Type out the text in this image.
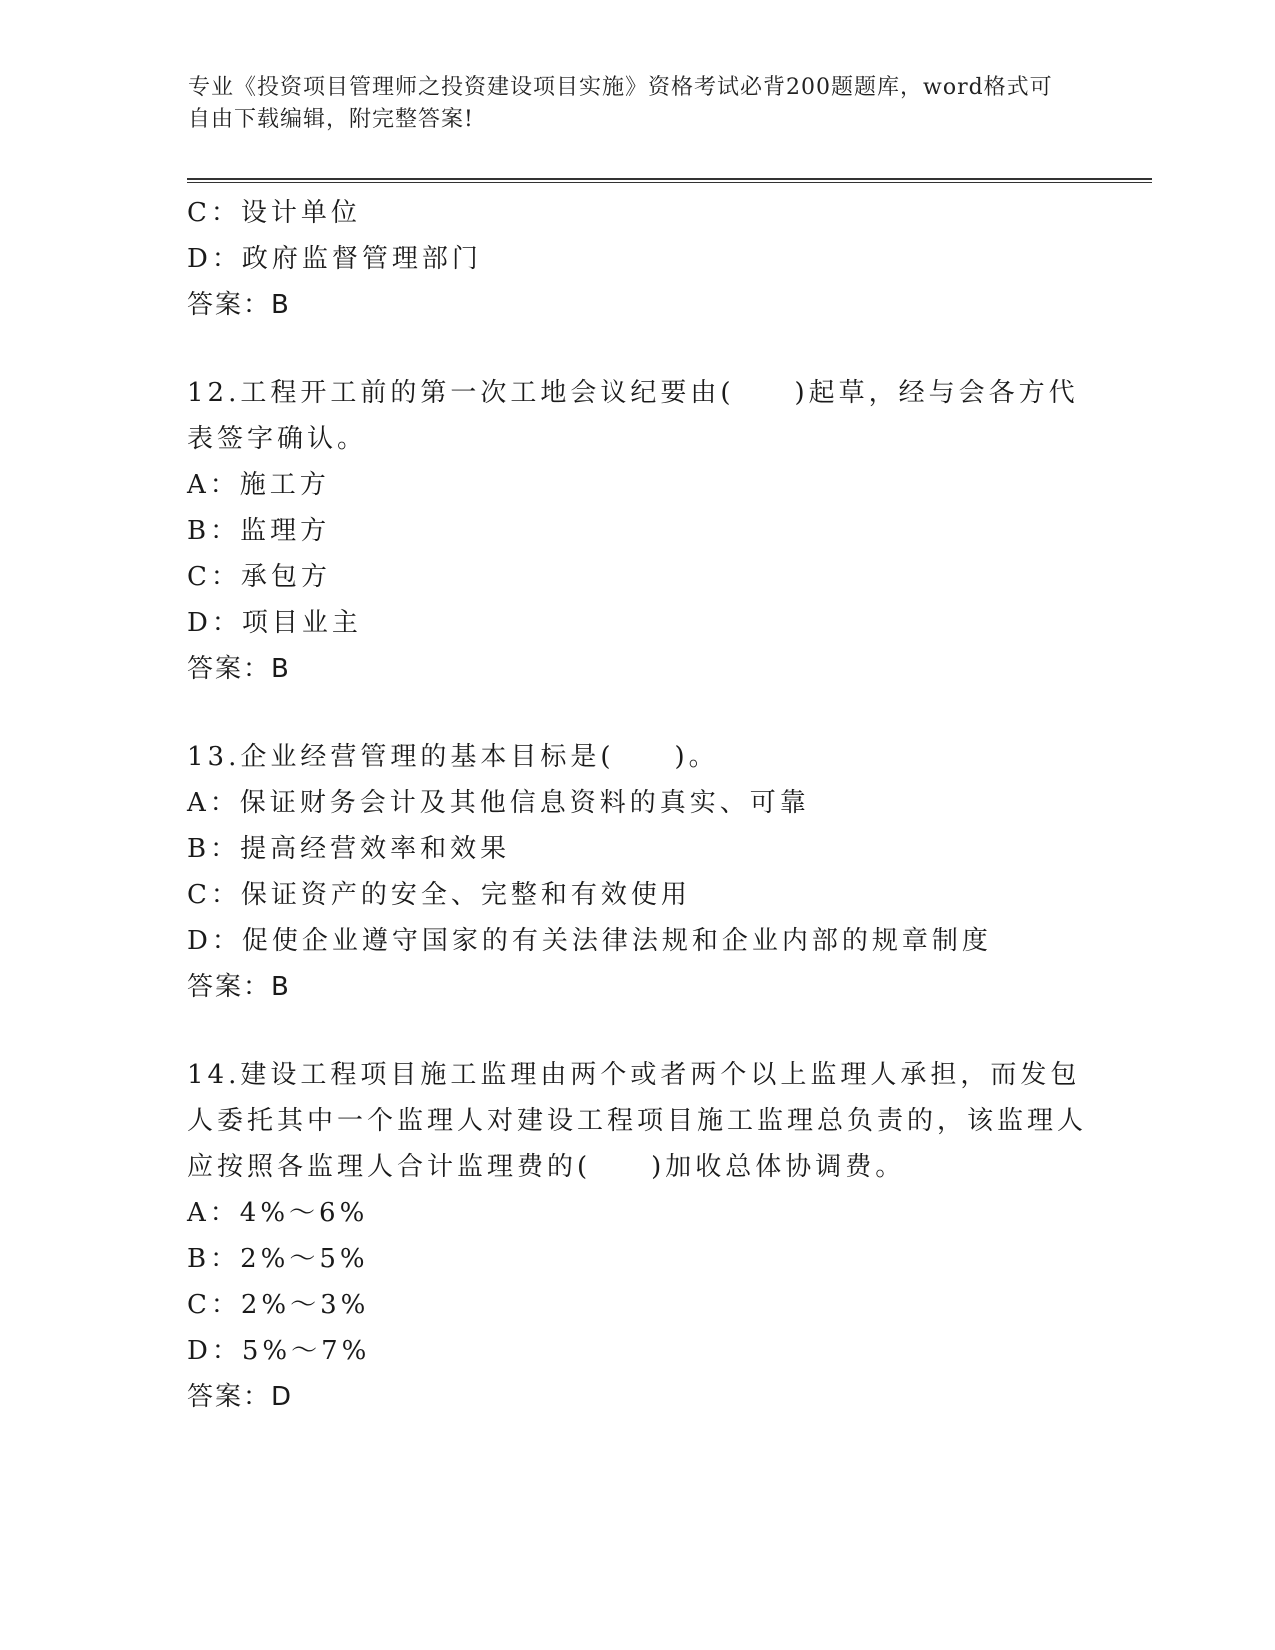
专业《投资项目管理师之投资建设项目实施》资格考试必背200题题库，word格式可自由下载编辑，附完整答案!
C：设计单位
D：政府监督管理部门
答案：B
12.工程开工前的第一次工地会议纪要由(　　)起草，经与会各方代表签字确认。
A：施工方
B：监理方
C：承包方
D：项目业主
答案：B
13.企业经营管理的基本目标是(　　)。
A：保证财务会计及其他信息资料的真实、可靠
B：提高经营效率和效果
C：保证资产的安全、完整和有效使用
D：促使企业遵守国家的有关法律法规和企业内部的规章制度
答案：B
14.建设工程项目施工监理由两个或者两个以上监理人承担，而发包人委托其中一个监理人对建设工程项目施工监理总负责的，该监理人应按照各监理人合计监理费的(　　)加收总体协调费。
A：4%～6%
B：2%～5%
C：2%～3%
D：5%～7%
答案：D
